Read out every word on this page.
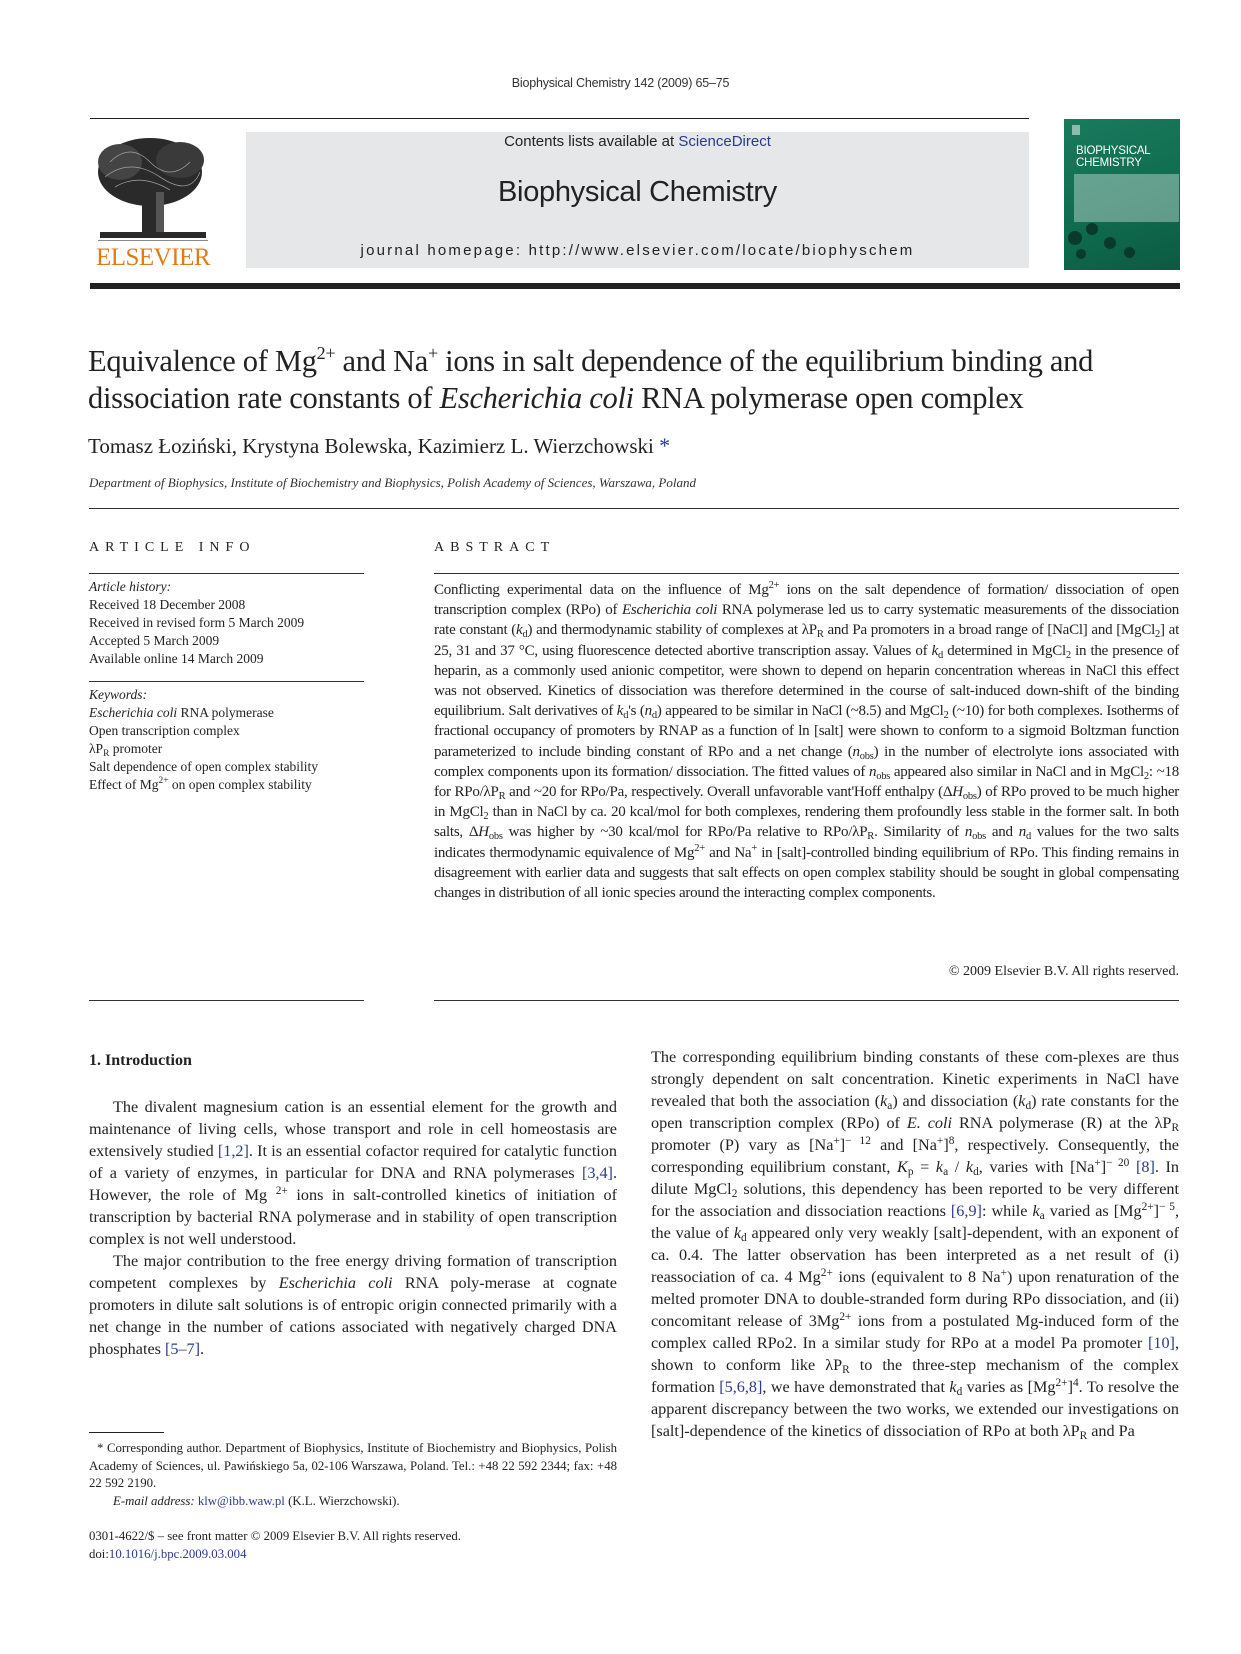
Biophysical Chemistry 142 (2009) 65–75
ELSEVIER
Contents lists available at ScienceDirect
Biophysical Chemistry
journal homepage: http://www.elsevier.com/locate/biophyschem
BIOPHYSICAL
CHEMISTRY
Equivalence of $Mg^{2+}$ and Na+ ions in salt dependence of the equilibrium binding and dissociation rate constants of Escherichia coli RNA polymerase open complex
Tomasz Łoziński, Krystyna Bolewska, Kazimierz L. Wierzchowski *
Department of Biophysics, Institute of Biochemistry and Biophysics, Polish Academy of Sciences, Warszawa, Poland
ARTICLE INFO
Article history:
Received 18 December 2008
Received in revised form 5 March 2009
Accepted 5 March 2009
Available online 14 March 2009
Keywords:
Escherichia coli RNA polymerase
Open transcription complex
$\lambda P_R$ promoter
Salt dependence of open complex stability
Effect of $Mg^{2+}$ on open complex stability
ABSTRACT
Conflicting experimental data on the influence of $Mg^{2+}$ ions on the salt dependence of formation/ dissociation of open transcription complex (RPo) of Escherichia coli RNA polymerase led us to carry systematic measurements of the dissociation rate constant $(k_d)$ and thermodynamic stability of complexes at $\lambda P_R$ and Pa promoters in a broad range of [NaCl] and [MgCl$_2$] at 25, 31 and 37 °C, using fluorescence detected abortive transcription assay. Values of $k_d$ determined in MgCl$_2$ in the presence of heparin, as a commonly used anionic competitor, were shown to depend on heparin concentration whereas in NaCl this effect was not observed. Kinetics of dissociation was therefore determined in the course of salt-induced down-shift of the binding equilibrium. Salt derivatives of $k_d's$ $(n_d)$ appeared to be similar in NaCl (~8.5) and MgCl$_2$ (~10) for both complexes. Isotherms of fractional occupancy of promoters by RNAP as a function of ln [salt] were shown to conform to a sigmoid Boltzman function parameterized to include binding constant of RPo and a net change $(n_{obs})$ in the number of electrolyte ions associated with complex components upon its formation/ dissociation. The fitted values of $n_{obs}$ appeared also similar in NaCl and in MgCl$_2$: ~18 for RPo/$\lambda P_R$ and ~20 for RPo/Pa, respectively. Overall unfavorable vant'Hoff enthalpy $(\Delta H_{obs})$ of RPo proved to be much higher in MgCl$_2$ than in NaCl by ca. 20 kcal/mol for both complexes, rendering them profoundly less stable in the former salt. In both salts, $\Delta H_{obs}$ was higher by ~30 kcal/mol for RPo/Pa relative to RPo/$\lambda P_R$. Similarity of $n_{obs}$ and $n_d$ values for the two salts indicates thermodynamic equivalence of $Mg^{2+}$ and Na+ in [salt]-controlled binding equilibrium of RPo. This finding remains in disagreement with earlier data and suggests that salt effects on open complex stability should be sought in global compensating changes in distribution of all ionic species around the interacting complex components.
© 2009 Elsevier B.V. All rights reserved.
1. Introduction

The divalent magnesium cation is an essential element for the growth and maintenance of living cells, whose transport and role in cell homeostasis are extensively studied [1,2]. It is an essential cofactor required for catalytic function of a variety of enzymes, in particular for DNA and RNA polymerases [3,4]. However, the role of Mg $^{2+}$ ions in salt-controlled kinetics of initiation of transcription by bacterial RNA polymerase and in stability of open transcription complex is not well understood.

The major contribution to the free energy driving formation of transcription competent complexes by Escherichia coli RNA poly-merase at cognate promoters in dilute salt solutions is of entropic origin connected primarily with a net change in the number of cations associated with negatively charged DNA phosphates [5–7].

The corresponding equilibrium binding constants of these com-plexes are thus strongly dependent on salt concentration. Kinetic experiments in NaCl have revealed that both the association $(k_a)$ and dissociation $(k_d)$ rate constants for the open transcription complex (RPo) of E. coli RNA polymerase (R) at the $\lambda P_R$ promoter (P) vary as $[Na^+]^{- 12}$ and $[Na^+]^8$, respectively. Consequently, the corresponding equilibrium constant, $K_p = k_a / k_d$, varies with $[Na^+]^{- 20}$ [8]. In dilute MgCl$_2$ solutions, this dependency has been reported to be very different for the association and dissociation reactions [6,9]: while $k_a$ varied as $[Mg^{2+}]^{- 5}$, the value of $k_d$ appeared only very weakly [salt]-dependent, with an exponent of ca. 0.4. The latter observation has been interpreted as a net result of (i) reassociation of ca. 4 $Mg^{2+}$ ions (equivalent to 8 Na+) upon renaturation of the melted promoter DNA to double-stranded form during RPo dissociation, and (ii) concomitant release of $3Mg^{2+}$ ions from a postulated Mg-induced form of the complex called RPo2. In a similar study for RPo at a model Pa promoter [10], shown to conform like $\lambda P_R$ to the three-step mechanism of the complex formation [5,6,8], we have demonstrated that $k_d$ varies as $[Mg^{2+}]^4$. To resolve the apparent discrepancy between the two works, we extended our investigations on [salt]-dependence of the kinetics of dissociation of RPo at both $\lambda P_R$ and Pa

* Corresponding author. Department of Biophysics, Institute of Biochemistry and Biophysics, Polish Academy of Sciences, ul. Pawińskiego 5a, 02-106 Warszawa, Poland. Tel.: +48 22 592 2344; fax: +48 22 592 2190.
E-mail address: klw@ibb.waw.pl (K.L. Wierzchowski).
0301-4622/$ – see front matter © 2009 Elsevier B.V. All rights reserved.
doi:10.1016/j.bpc.2009.03.004
